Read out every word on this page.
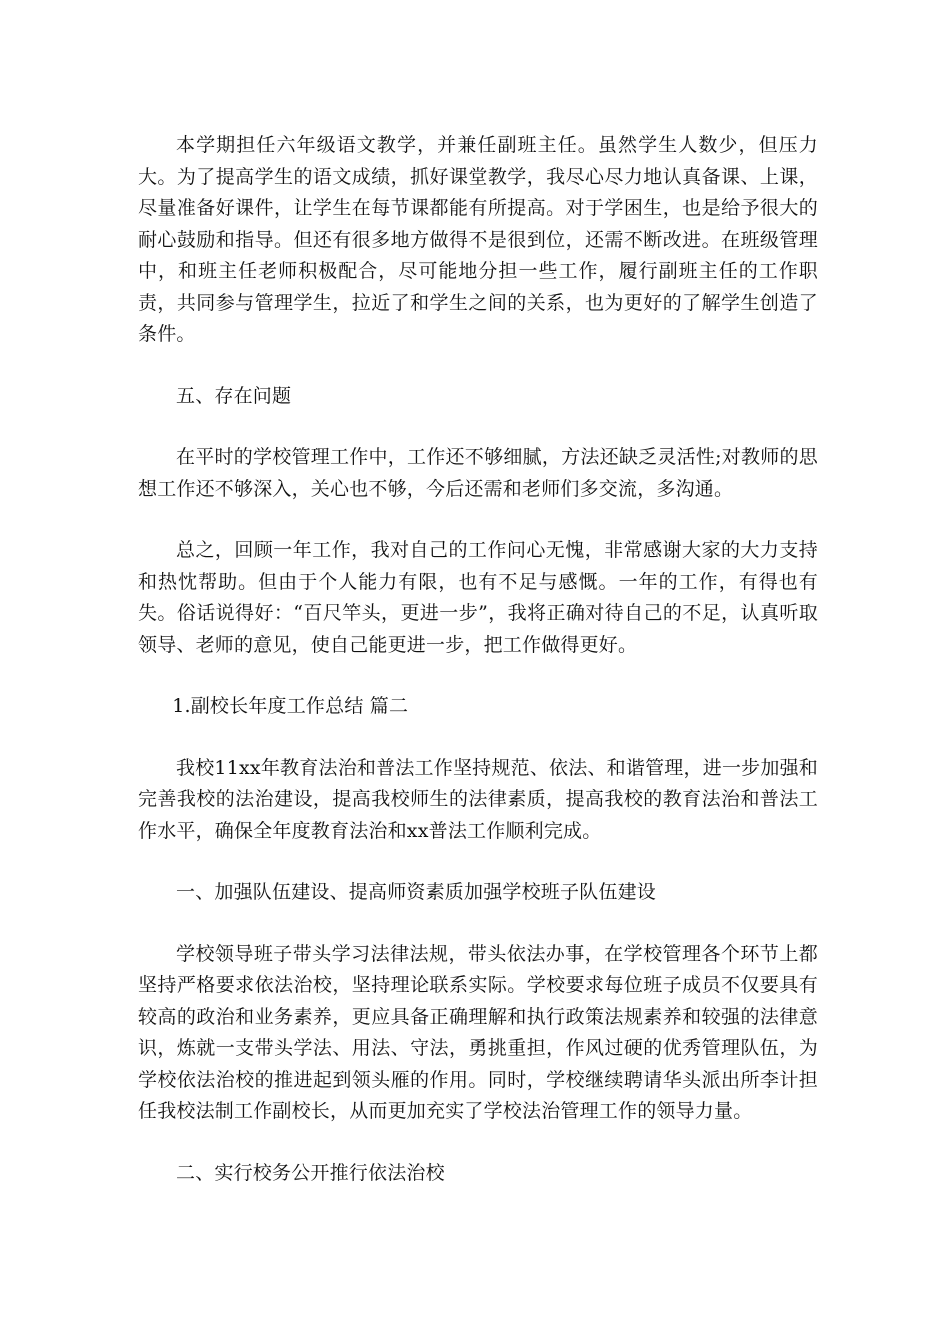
本学期担任六年级语文教学，并兼任副班主任。虽然学生人数少，但压力大。为了提高学生的语文成绩，抓好课堂教学，我尽心尽力地认真备课、上课，尽量准备好课件，让学生在每节课都能有所提高。对于学困生，也是给予很大的耐心鼓励和指导。但还有很多地方做得不是很到位，还需不断改进。在班级管理中，和班主任老师积极配合，尽可能地分担一些工作，履行副班主任的工作职责，共同参与管理学生，拉近了和学生之间的关系，也为更好的了解学生创造了条件。

五、存在问题

在平时的学校管理工作中，工作还不够细腻，方法还缺乏灵活性;对教师的思想工作还不够深入，关心也不够，今后还需和老师们多交流，多沟通。

总之，回顾一年工作，我对自己的工作问心无愧，非常感谢大家的大力支持和热忱帮助。但由于个人能力有限，也有不足与感慨。一年的工作，有得也有失。俗话说得好：“百尺竿头，更进一步”，我将正确对待自己的不足，认真听取领导、老师的意见，使自己能更进一步，把工作做得更好。

1.副校长年度工作总结 篇二

我校11xx年教育法治和普法工作坚持规范、依法、和谐管理，进一步加强和完善我校的法治建设，提高我校师生的法律素质，提高我校的教育法治和普法工作水平，确保全年度教育法治和xx普法工作顺利完成。

一、加强队伍建设、提高师资素质加强学校班子队伍建设

学校领导班子带头学习法律法规，带头依法办事，在学校管理各个环节上都坚持严格要求依法治校，坚持理论联系实际。学校要求每位班子成员不仅要具有较高的政治和业务素养，更应具备正确理解和执行政策法规素养和较强的法律意识，炼就一支带头学法、用法、守法，勇挑重担，作风过硬的优秀管理队伍，为学校依法治校的推进起到领头雁的作用。同时，学校继续聘请华头派出所李计担任我校法制工作副校长，从而更加充实了学校法治管理工作的领导力量。

二、实行校务公开推行依法治校
